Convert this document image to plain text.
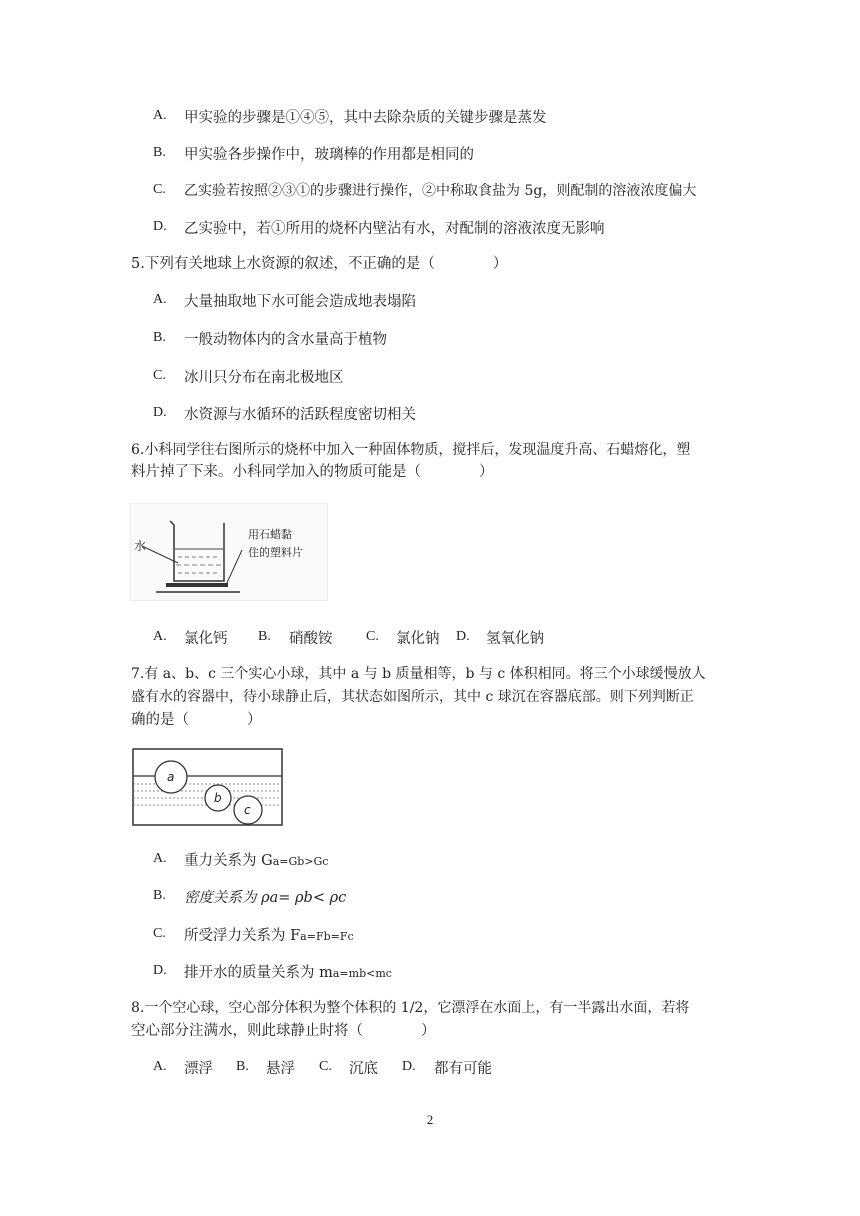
A. 甲实验的步骤是①④⑤，其中去除杂质的关键步骤是蒸发
B. 甲实验各步操作中，玻璃棒的作用都是相同的
C. 乙实验若按照②③①的步骤进行操作，②中称取食盐为 5g，则配制的溶液浓度偏大
D. 乙实验中，若①所用的烧杯内壁沾有水，对配制的溶液浓度无影响
5.下列有关地球上水资源的叙述，不正确的是（　　　　）
A. 大量抽取地下水可能会造成地表塌陷
B. 一般动物体内的含水量高于植物
C. 冰川只分布在南北极地区
D. 水资源与水循环的活跃程度密切相关
6.小科同学往右图所示的烧杯中加入一种固体物质，搅拌后，发现温度升高、石蜡熔化，塑
料片掉了下来。小科同学加入的物质可能是（　　　　）
水
用石蜡黏
住的塑料片
A. 氯化钙 B. 硝酸铵 C. 氯化钠 D. 氢氧化钠
7.有 a、b、c 三个实心小球，其中 a 与 b 质量相等，b 与 c 体积相同。将三个小球缓慢放人
盛有水的容器中，待小球静止后，其状态如图所示，其中 c 球沉在容器底部。则下列判断正
确的是（　　　　）
a
b
c
A. 重力关系为 Ga=Gb>Gc
B. 密度关系为 ρa= ρb< ρc
C. 所受浮力关系为 Fa=Fb=Fc
D. 排开水的质量关系为 ma=mb<mc
8.一个空心球，空心部分体积为整个体积的 1/2，它漂浮在水面上，有一半露出水面，若将
空心部分注满水，则此球静止时将（　　　　）
A. 漂浮 B. 悬浮 C. 沉底 D. 都有可能
2
